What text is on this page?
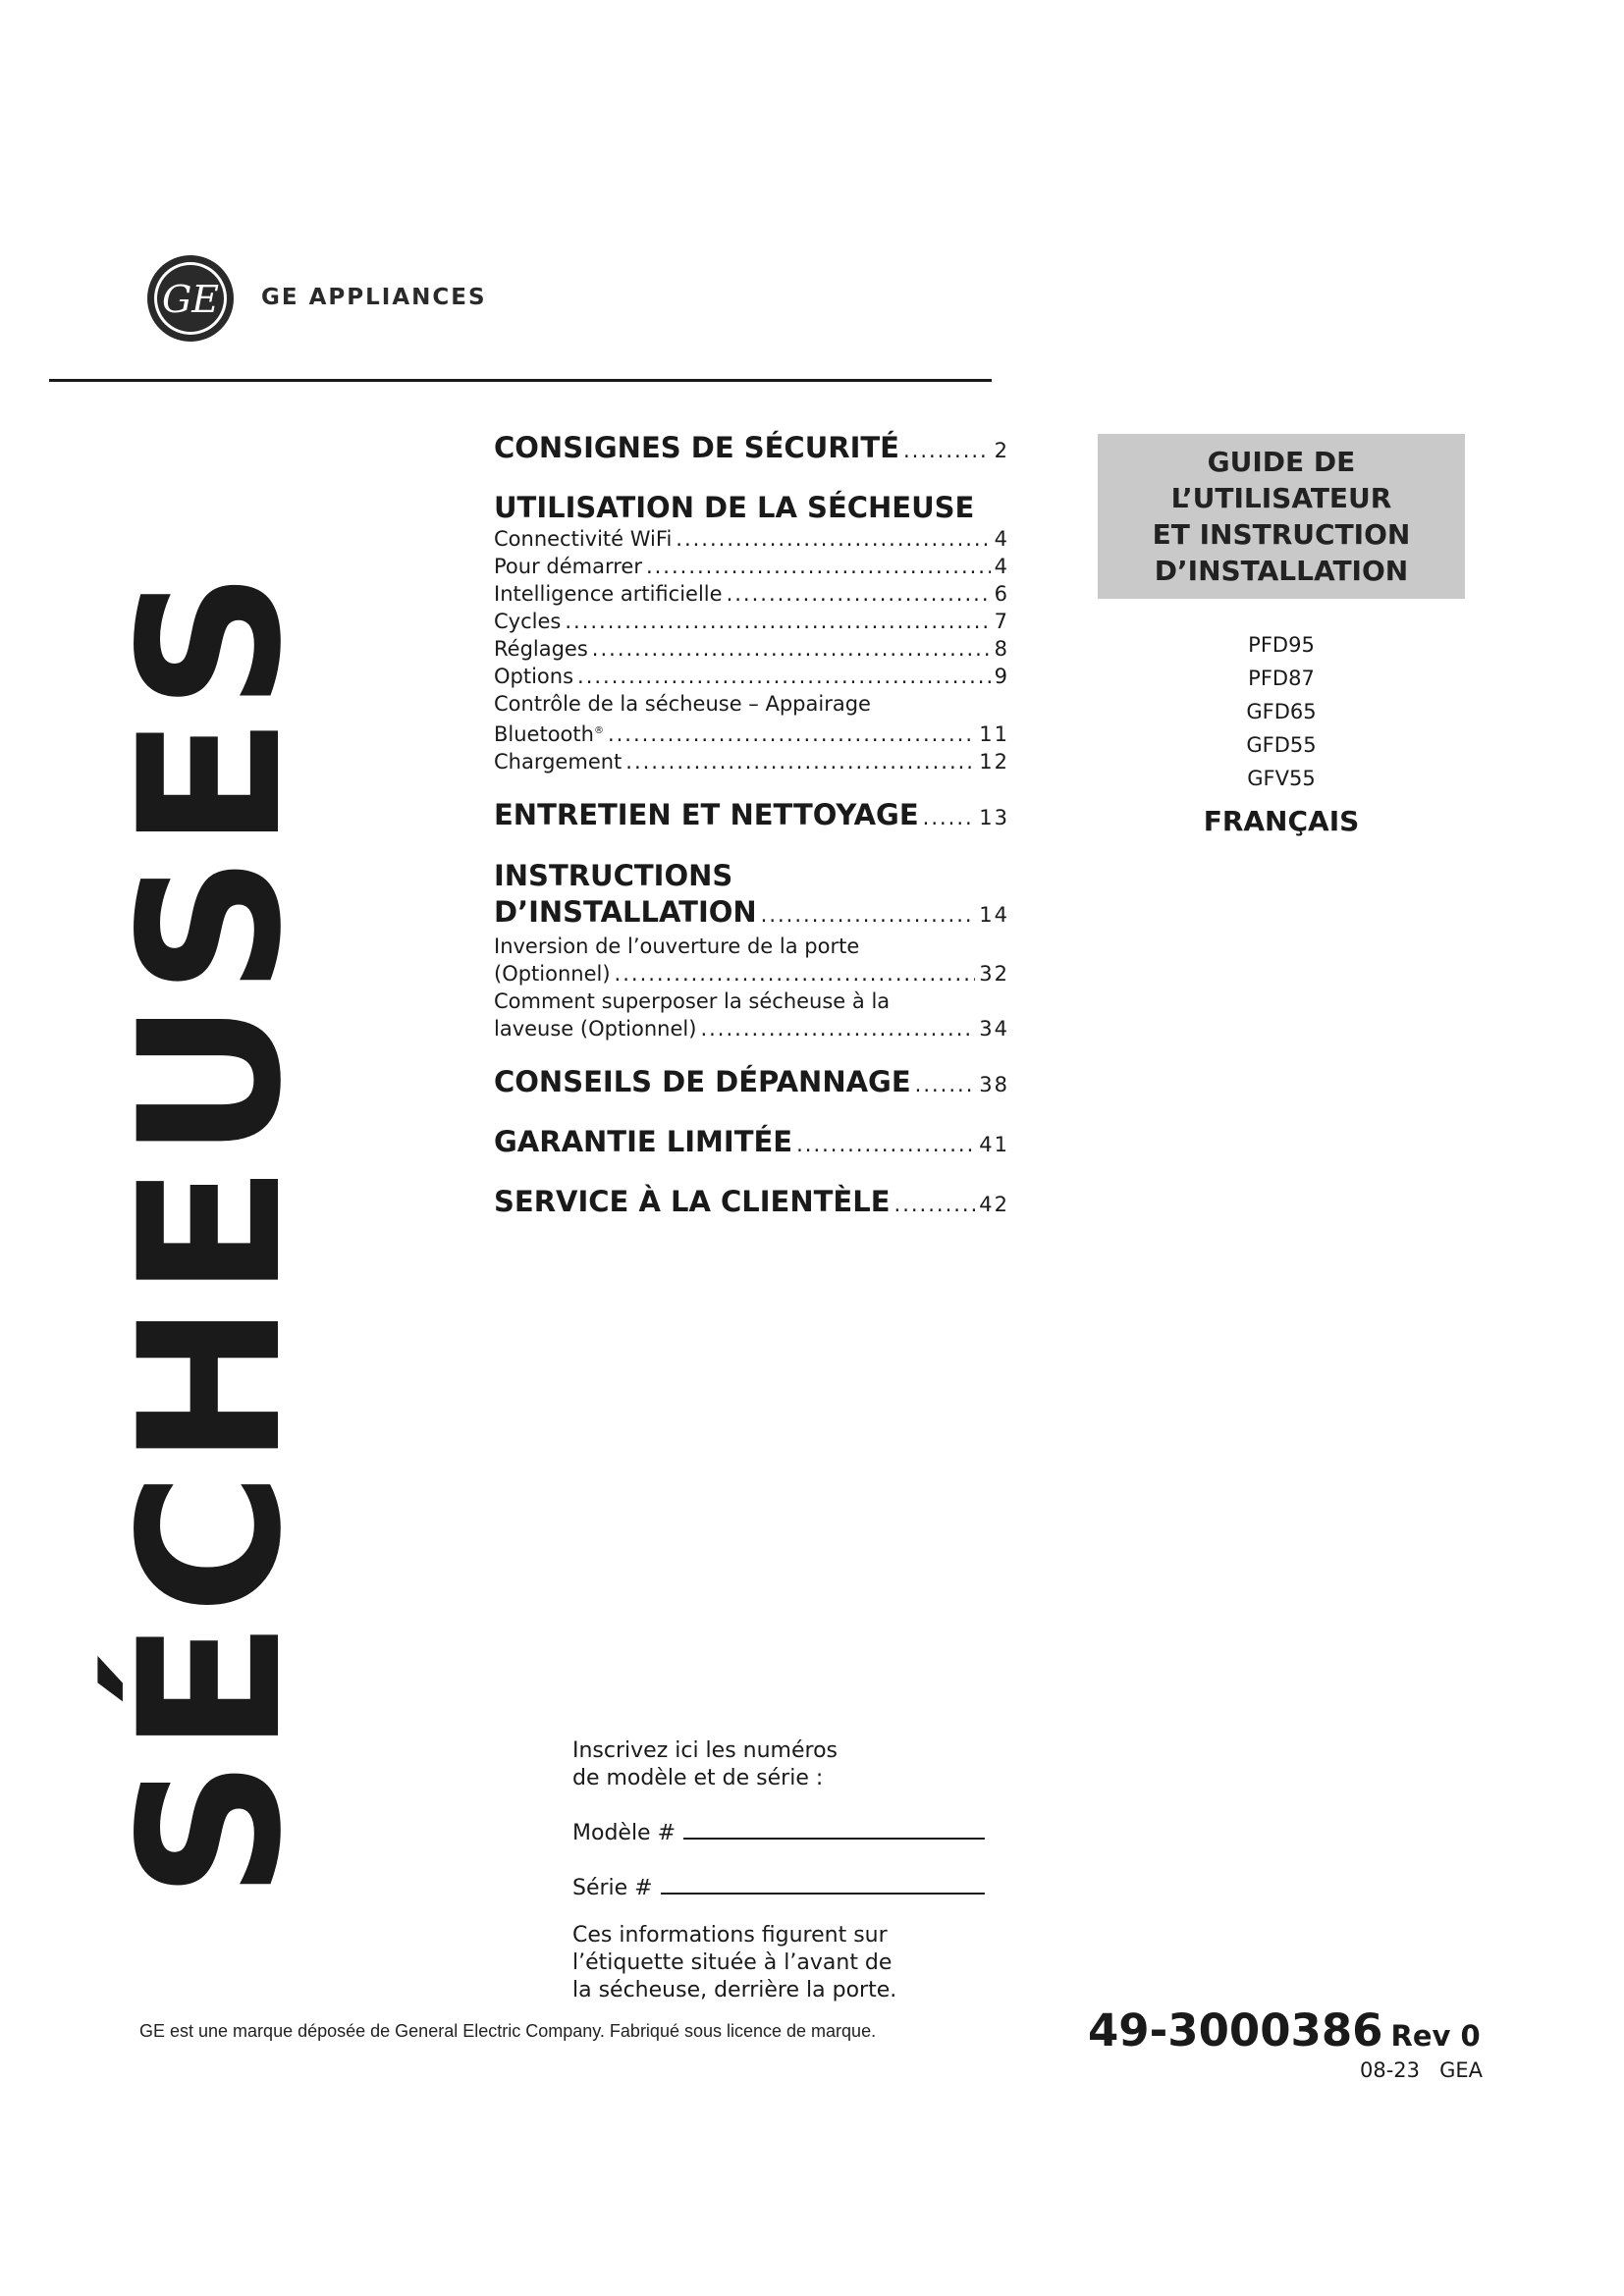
GE GE APPLIANCES
SÉCHEUSES
CONSIGNES DE SÉCURITÉ .....	2
UTILISATION DE LA SÉCHEUSE
Connectivité WiFi .....	4
Pour démarrer .....	4
Intelligence artificielle .....	6
Cycles .....	7
Réglages .....	8
Options .....	9
Contrôle de la sécheuse – Appairage
Bluetooth® .....	11
Chargement .....	12
ENTRETIEN ET NETTOYAGE .....	13
INSTRUCTIONS
D’INSTALLATION .....	14
Inversion de l’ouverture de la porte
(Optionnel) .....	32
Comment superposer la sécheuse à la
laveuse (Optionnel) .....	34
CONSEILS DE DÉPANNAGE .....	38
GARANTIE LIMITÉE .....	41
SERVICE À LA CLIENTÈLE .....	42
GUIDE DE
L’UTILISATEUR
ET INSTRUCTION
D’INSTALLATION
PFD95
PFD87
GFD65
GFD55
GFV55
FRANÇAIS
Inscrivez ici les numéros
de modèle et de série :
Modèle #
Série #
Ces informations figurent sur
l’étiquette située à l’avant de
la sécheuse, derrière la porte.
GE est une marque déposée de General Electric Company. Fabriqué sous licence de marque.	49-3000386 Rev 0
08-23 GEA
